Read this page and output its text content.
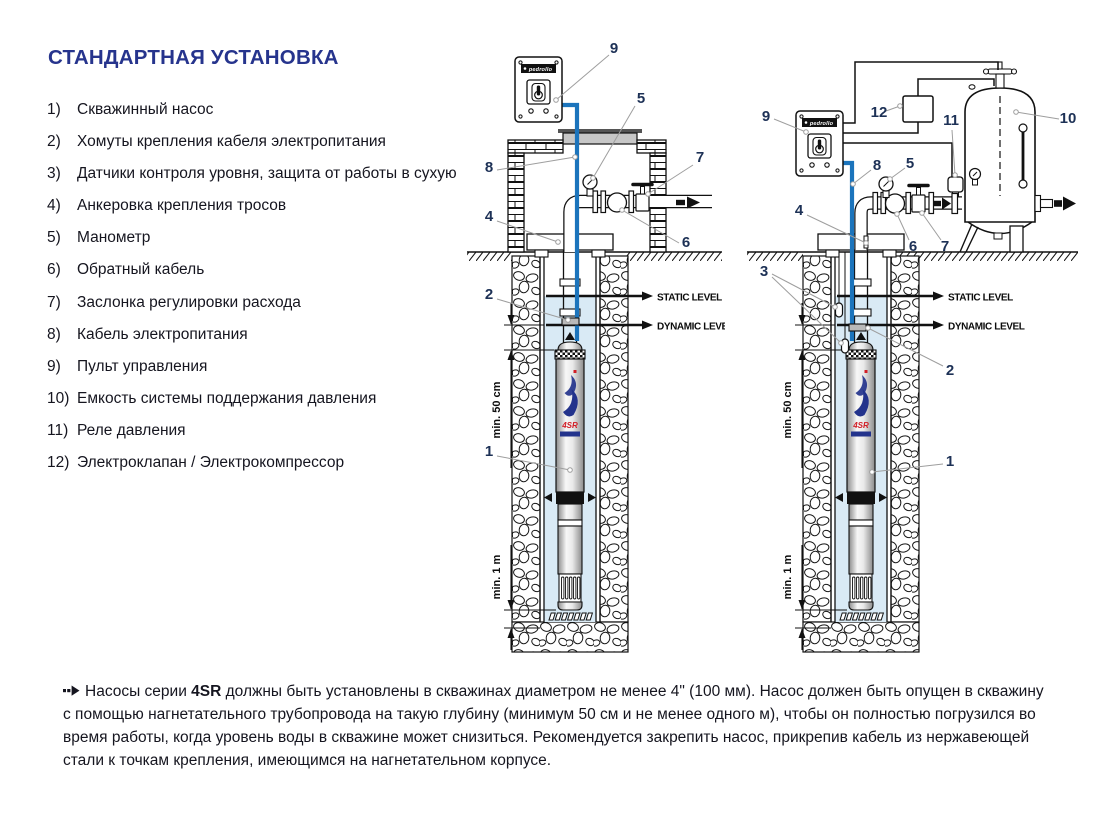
СТАНДАРТНАЯ УСТАНОВКА
1)	Скважинный насос
2)	Хомуты крепления кабеля электропитания
3)	Датчики контроля уровня, защита от работы в сухую
4)	Анкеровка крепления тросов
5)	Манометр
6)	Обратный кабель
7)	Заслонка регулировки расхода
8)	Кабель электропитания
9)	Пульт управления
10) Емкость системы поддержания давления
11) Реле давления
12) Электроклапан / Электрокомпрессор
9
5
7
8
4
6
2
1
9	12	11	10
8 5
4
6 7
3
2
1

Насосы серии 4SR должны быть установлены в скважинах диаметром не менее 4" (100 мм). Насос должен быть опущен в скважину с помощью нагнетательного трубопровода на такую глубину (минимум 50 см и не менее одного м), чтобы он полностью погрузился во время работы, когда уровень воды в скважине может снизиться. Рекомендуется закрепить насос, прикрепив кабель из нержавеющей стали к точкам крепления, имеющимся на нагнетательном корпусе.
